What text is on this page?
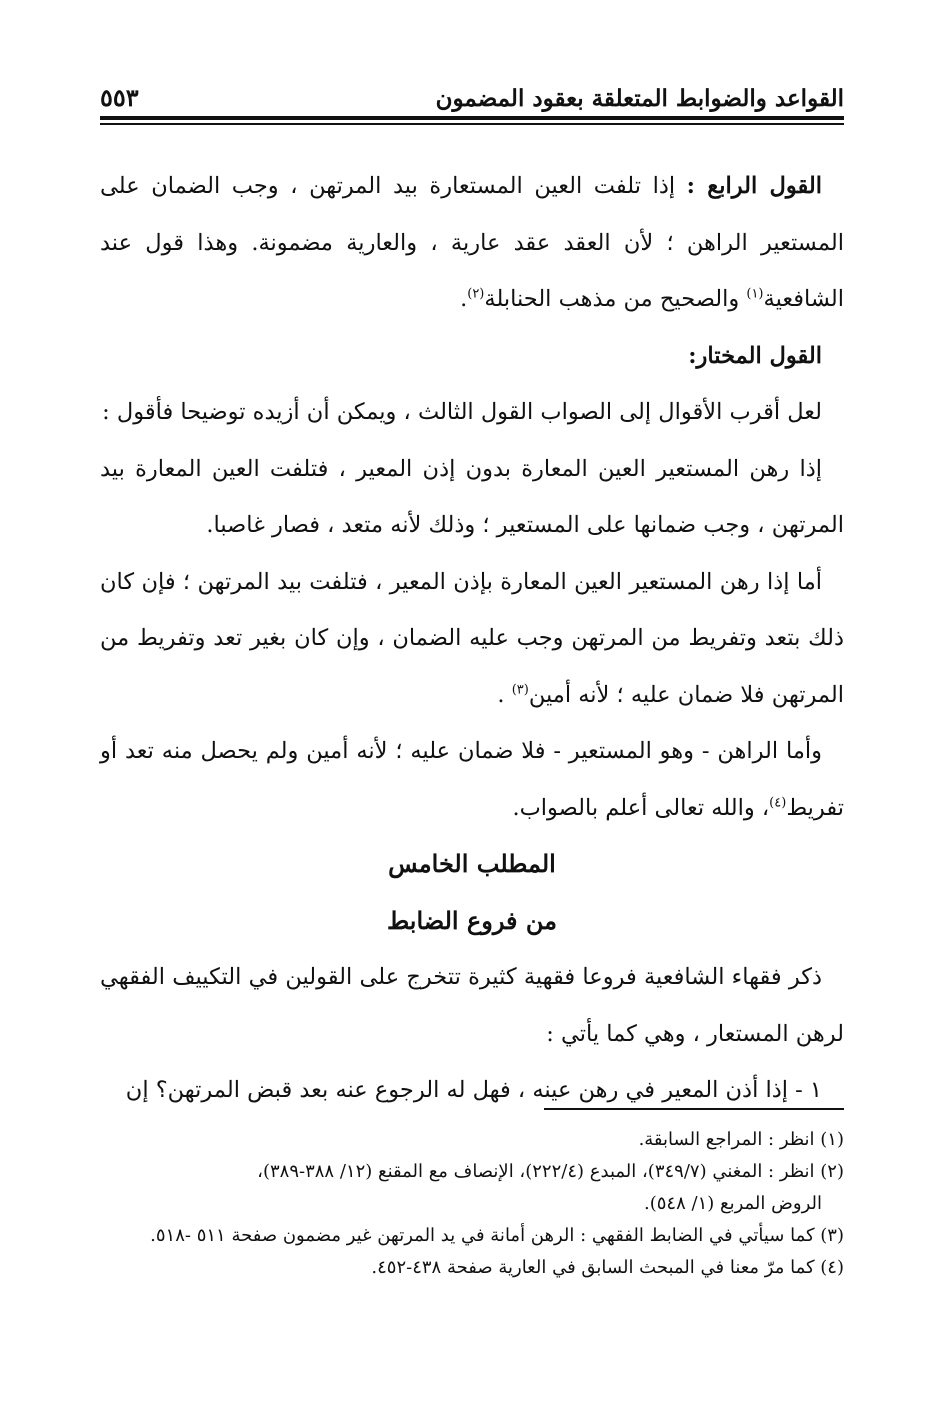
القواعد والضوابط المتعلقة بعقود المضمون
٥٥٣

القول الرابع : إذا تلفت العين المستعارة بيد المرتهن ، وجب الضمان على المستعير الراهن ؛ لأن العقد عقد عارية ، والعارية مضمونة. وهذا قول عند الشافعية$^{(١)}$ والصحيح من مذهب الحنابلة$^{(٢)}$.

القول المختار:

لعل أقرب الأقوال إلى الصواب القول الثالث ، ويمكن أن أزيده توضيحا فأقول :

إذا رهن المستعير العين المعارة بدون إذن المعير ، فتلفت العين المعارة بيد المرتهن ، وجب ضمانها على المستعير ؛ وذلك لأنه متعد ، فصار غاصبا.

أما إذا رهن المستعير العين المعارة بإذن المعير ، فتلفت بيد المرتهن ؛ فإن كان ذلك بتعد وتفريط من المرتهن وجب عليه الضمان ، وإن كان بغير تعد وتفريط من المرتهن فلا ضمان عليه ؛ لأنه أمين$^{(٣)}$ .

وأما الراهن - وهو المستعير - فلا ضمان عليه ؛ لأنه أمين ولم يحصل منه تعد أو تفريط$^{(٤)}$، والله تعالى أعلم بالصواب.

المطلب الخامس

من فروع الضابط

ذكر فقهاء الشافعية فروعا فقهية كثيرة تتخرج على القولين في التكييف الفقهي لرهن المستعار ، وهي كما يأتي :

١ - إذا أذن المعير في رهن عينه ، فهل له الرجوع عنه بعد قبض المرتهن؟ إن

(١) انظر : المراجع السابقة.

(٢) انظر : المغني (٣٤٩/٧)، المبدع (٢٢٢/٤)، الإنصاف مع المقنع (١٢/ ٣٨٨-٣٨٩)،

الروض المربع (١/ ٥٤٨).

(٣) كما سيأتي في الضابط الفقهي : الرهن أمانة في يد المرتهن غير مضمون صفحة ٥١١ -٥١٨.

(٤) كما مرّ معنا في المبحث السابق في العارية صفحة ٤٣٨-٤٥٢.
